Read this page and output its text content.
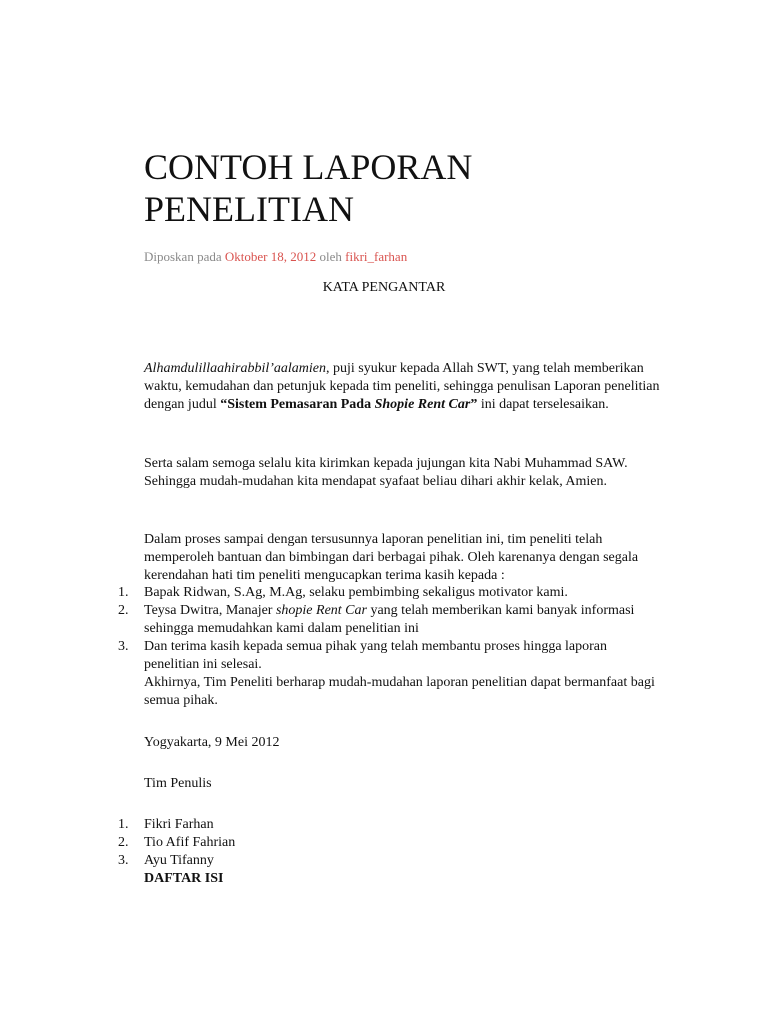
CONTOH LAPORAN PENELITIAN
Diposkan pada Oktober 18, 2012 oleh fikri_farhan
KATA PENGANTAR

Alhamdulillaahirabbil’aalamien, puji syukur kepada Allah SWT, yang telah memberikan waktu, kemudahan dan petunjuk kepada tim peneliti, sehingga penulisan Laporan penelitian dengan judul “Sistem Pemasaran Pada Shopie Rent Car” ini dapat terselesaikan.

Serta salam semoga selalu kita kirimkan kepada jujungan kita Nabi Muhammad SAW. Sehingga mudah-mudahan kita mendapat syafaat beliau dihari akhir kelak, Amien.

Dalam proses sampai dengan tersusunnya laporan penelitian ini, tim peneliti telah memperoleh bantuan dan bimbingan dari berbagai pihak. Oleh karenanya dengan segala kerendahan hati tim peneliti mengucapkan terima kasih kepada :

1. Bapak Ridwan, S.Ag, M.Ag, selaku pembimbing sekaligus motivator kami.
2. Teysa Dwitra, Manajer shopie Rent Car yang telah memberikan kami banyak informasi sehingga memudahkan kami dalam penelitian ini
3. Dan terima kasih kepada semua pihak yang telah membantu proses hingga laporan penelitian ini selesai.
Akhirnya, Tim Peneliti berharap mudah-mudahan laporan penelitian dapat bermanfaat bagi semua pihak.
Yogyakarta, 9 Mei 2012
Tim Penulis
1. Fikri Farhan
2. Tio Afif Fahrian
3. Ayu Tifanny
DAFTAR ISI
